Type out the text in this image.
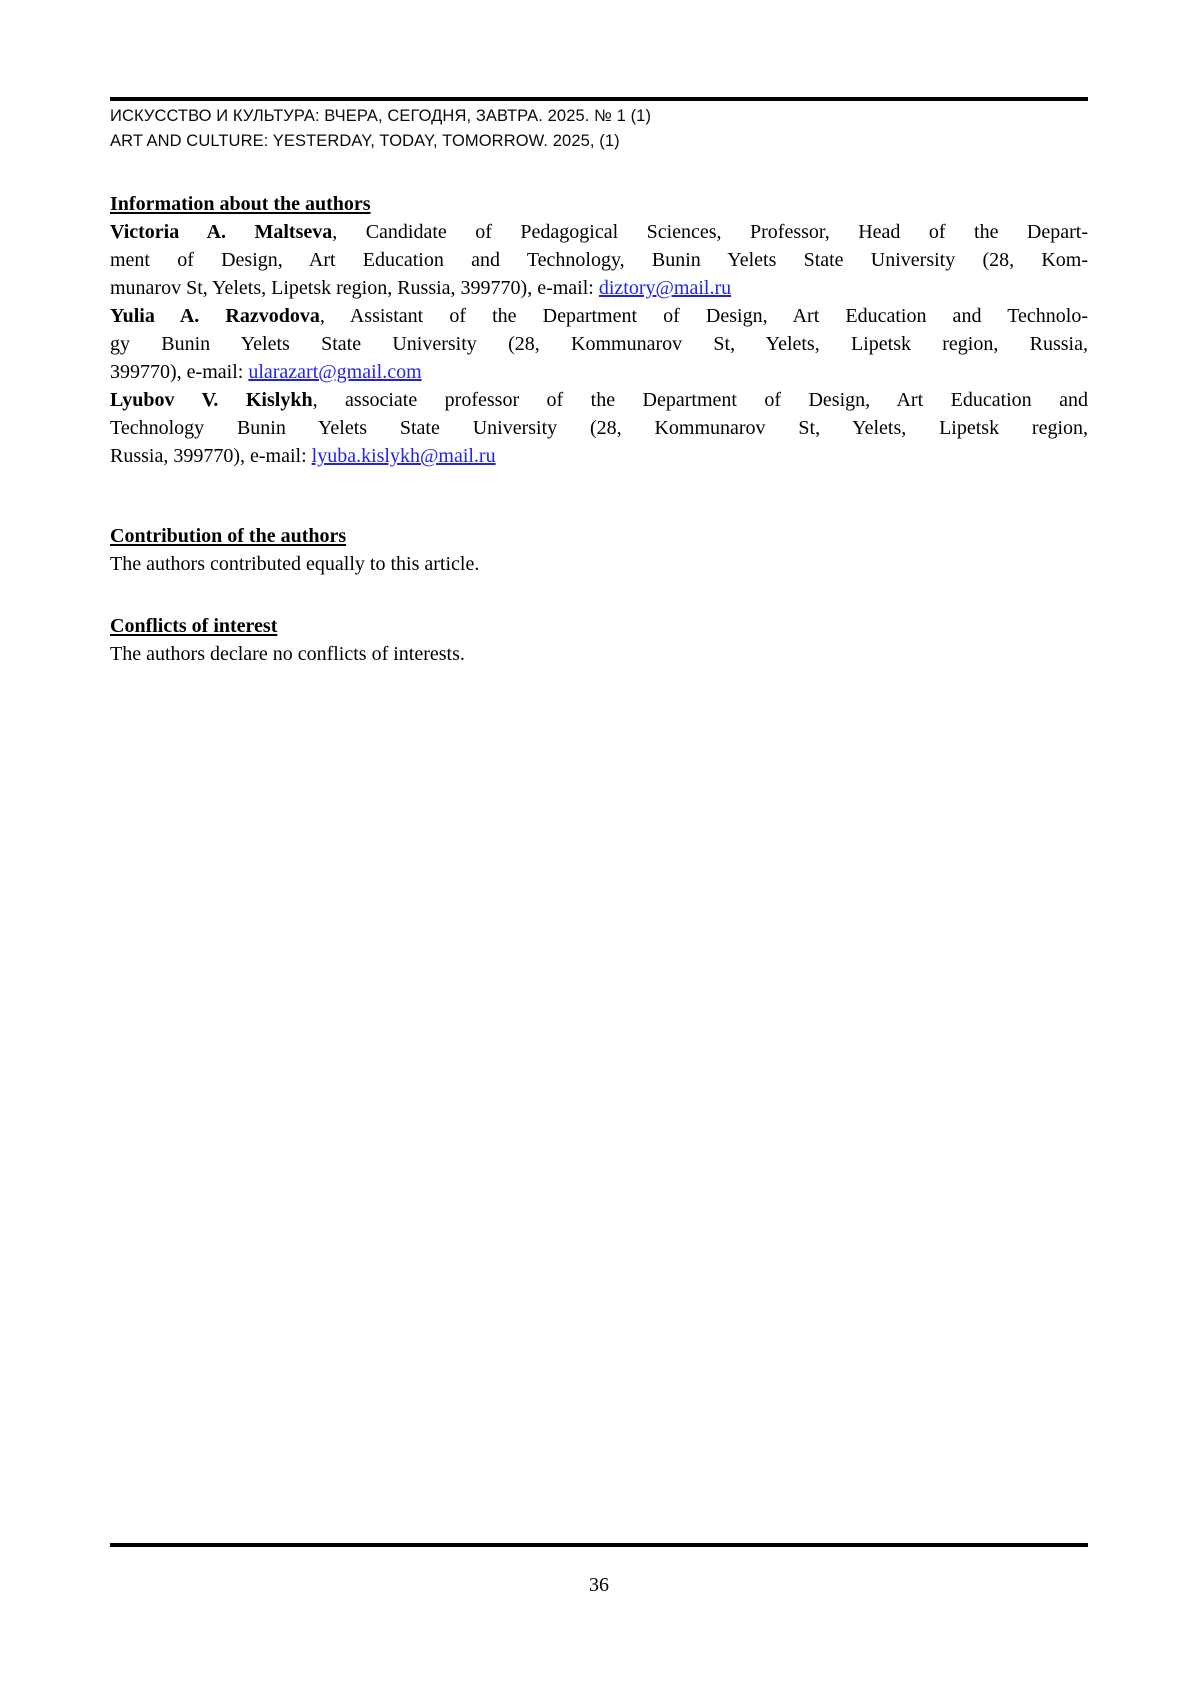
ИСКУССТВО И КУЛЬТУРА: ВЧЕРА, СЕГОДНЯ, ЗАВТРА. 2025. № 1 (1)
ART AND CULTURE: YESTERDAY, TODAY, TOMORROW. 2025, (1)
Information about the authors
Victoria A. Maltseva, Candidate of Pedagogical Sciences, Professor, Head of the Depart-
ment of Design, Art Education and Technology, Bunin Yelets State University (28, Kom-
munarov St, Yelets, Lipetsk region, Russia, 399770), e-mail: diztory@mail.ru
Yulia A. Razvodova, Assistant of the Department of Design, Art Education and Technolo-
gy Bunin Yelets State University (28, Kommunarov St, Yelets, Lipetsk region, Russia,
399770), e-mail: ularazart@gmail.com
Lyubov V. Kislykh, associate professor of the Department of Design, Art Education and
Technology Bunin Yelets State University (28, Kommunarov St, Yelets, Lipetsk region,
Russia, 399770), e-mail: lyuba.kislykh@mail.ru
Contribution of the authors
The authors contributed equally to this article.
Conflicts of interest
The authors declare no conflicts of interests.
36
